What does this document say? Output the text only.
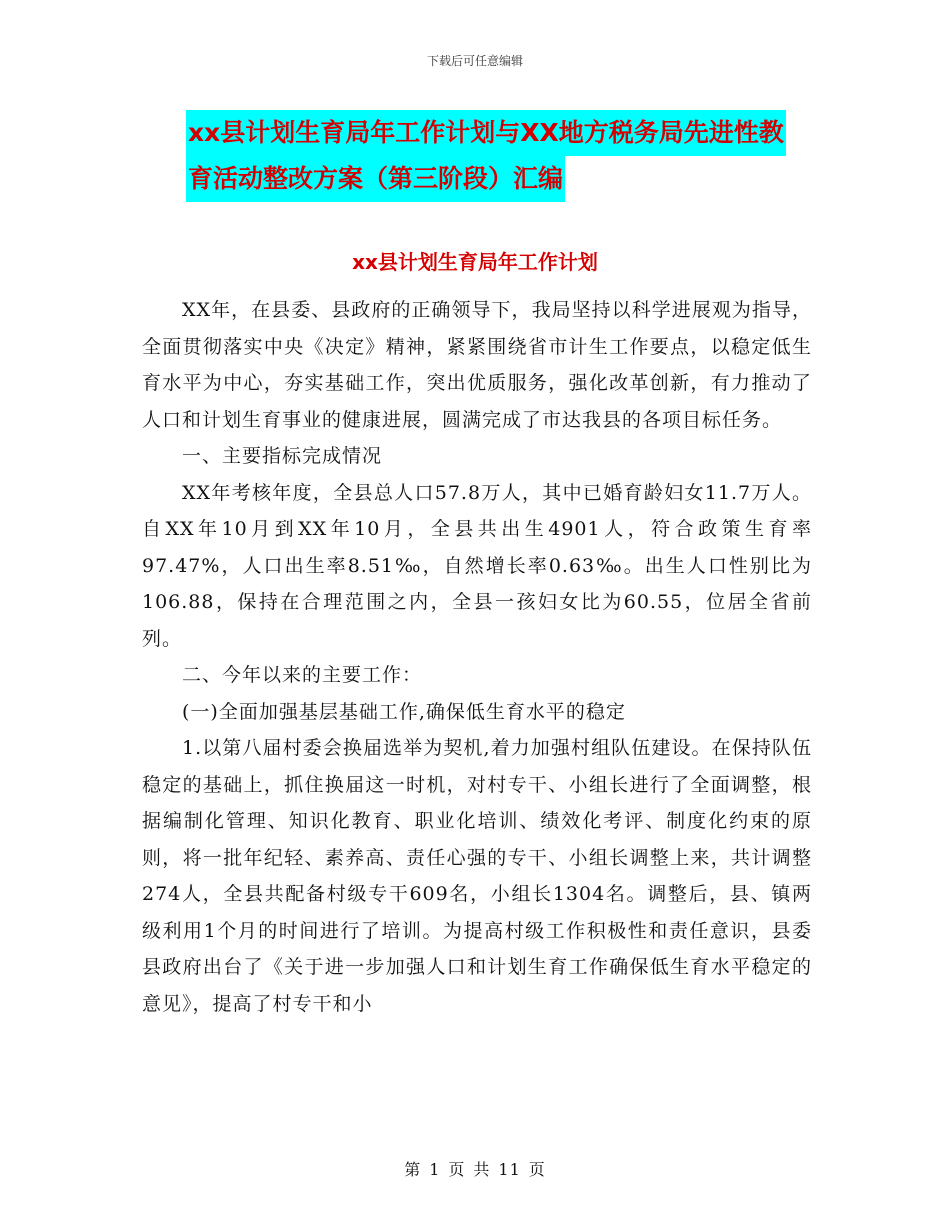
下载后可任意编辑
xx县计划生育局年工作计划与XX地方税务局先进性教
育活动整改方案（第三阶段）汇编
xx县计划生育局年工作计划

XX年，在县委、县政府的正确领导下，我局坚持以科学进展观为指导，全面贯彻落实中央《决定》精神，紧紧围绕省市计生工作要点，以稳定低生育水平为中心，夯实基础工作，突出优质服务，强化改革创新，有力推动了人口和计划生育事业的健康进展，圆满完成了市达我县的各项目标任务。

一、主要指标完成情况

XX年考核年度，全县总人口57.8万人，其中已婚育龄妇女11.7万人。自XX年10月到XX年10月，全县共出生4901人，符合政策生育率97.47%，人口出生率8.51‰，自然增长率0.63‰。出生人口性别比为106.88，保持在合理范围之内，全县一孩妇女比为60.55，位居全省前列。

二、今年以来的主要工作：

(一)全面加强基层基础工作,确保低生育水平的稳定

1.以第八届村委会换届选举为契机,着力加强村组队伍建设。在保持队伍稳定的基础上，抓住换届这一时机，对村专干、小组长进行了全面调整，根据编制化管理、知识化教育、职业化培训、绩效化考评、制度化约束的原则，将一批年纪轻、素养高、责任心强的专干、小组长调整上来，共计调整274人，全县共配备村级专干609名，小组长1304名。调整后，县、镇两级利用1个月的时间进行了培训。为提高村级工作积极性和责任意识，县委县政府出台了《关于进一步加强人口和计划生育工作确保低生育水平稳定的意见》，提高了村专干和小

第 1 页 共 11 页
